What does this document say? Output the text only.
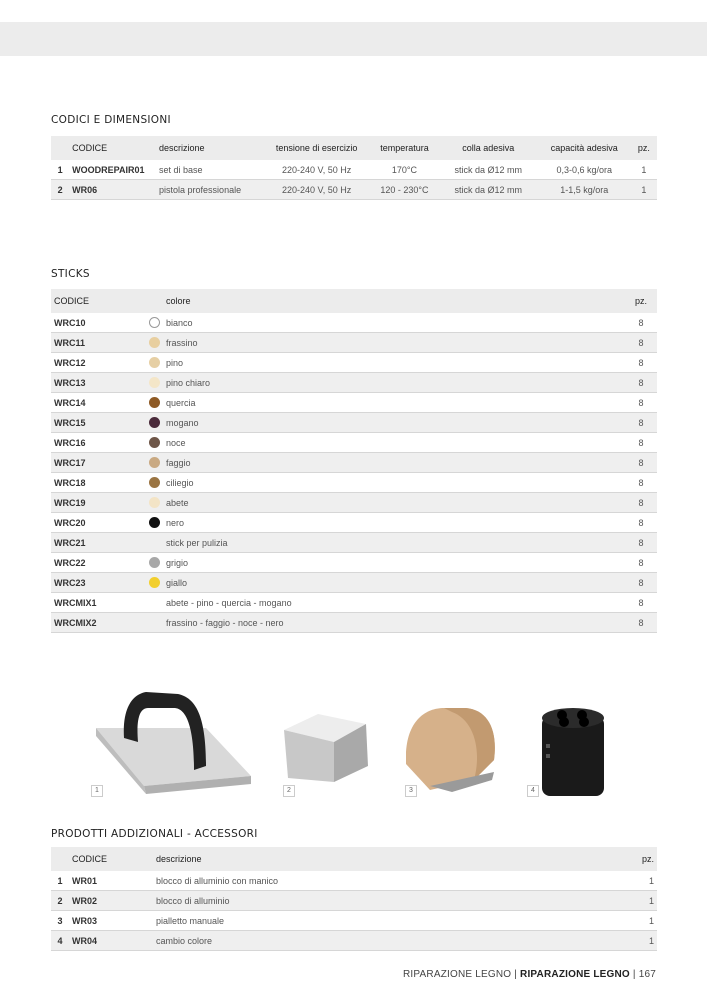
CODICI E DIMENSIONI
	CODICE	descrizione	tensione di esercizio	temperatura	colla adesiva	capacità adesiva	pz.
1	WOODREPAIR01	set di base	220-240 V, 50 Hz	170°C	stick da Ø12 mm	0,3-0,6 kg/ora	1
2	WR06	pistola professionale	220-240 V, 50 Hz	120 - 230°C	stick da Ø12 mm	1-1,5 kg/ora	1
STICKS
CODICE		colore	pz.
WRC10		bianco	8
WRC11		frassino	8
WRC12		pino	8
WRC13		pino chiaro	8
WRC14		quercia	8
WRC15		mogano	8
WRC16		noce	8
WRC17		faggio	8
WRC18		ciliegio	8
WRC19		abete	8
WRC20		nero	8
WRC21		stick per pulizia	8
WRC22		grigio	8
WRC23		giallo	8
WRCMIX1		abete - pino - quercia - mogano	8
WRCMIX2		frassino - faggio - noce - nero	8
1	2	3	4
PRODOTTI ADDIZIONALI - ACCESSORI
	CODICE	descrizione	pz.
1	WR01	blocco di alluminio con manico	1
2	WR02	blocco di alluminio	1
3	WR03	pialletto manuale	1
4	WR04	cambio colore	1
RIPARAZIONE LEGNO | RIPARAZIONE LEGNO | 167
